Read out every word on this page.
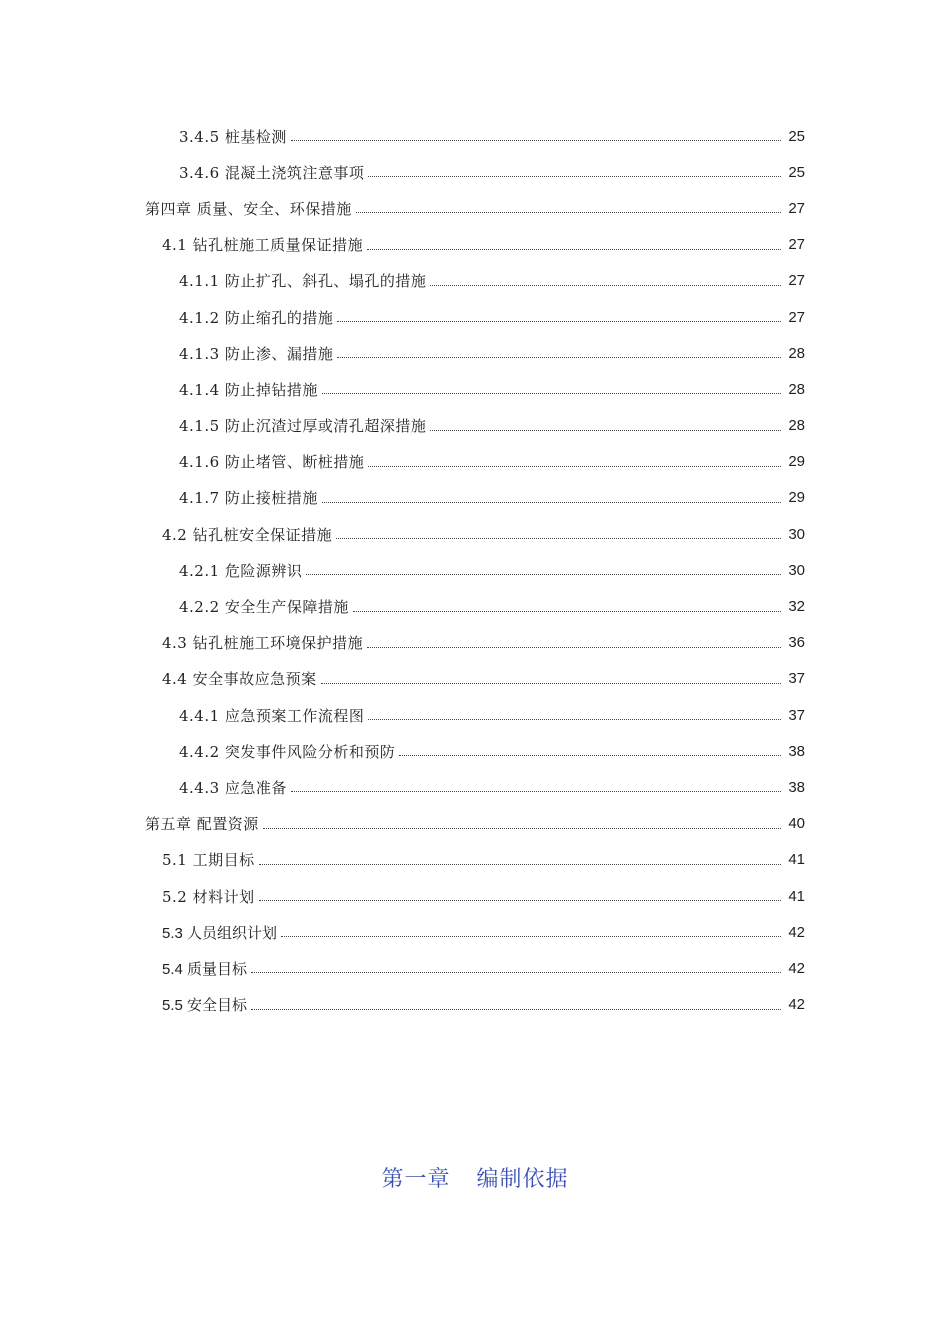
3.4.5 桩基检测	25
3.4.6 混凝土浇筑注意事项	25
第四章 质量、安全、环保措施	27
4.1 钻孔桩施工质量保证措施	27
4.1.1 防止扩孔、斜孔、塌孔的措施	27
4.1.2 防止缩孔的措施	27
4.1.3 防止渗、漏措施	28
4.1.4 防止掉钻措施	28
4.1.5 防止沉渣过厚或清孔超深措施	28
4.1.6 防止堵管、断桩措施	29
4.1.7 防止接桩措施	29
4.2 钻孔桩安全保证措施	30
4.2.1 危险源辨识	30
4.2.2 安全生产保障措施	32
4.3 钻孔桩施工环境保护措施	36
4.4 安全事故应急预案	37
4.4.1 应急预案工作流程图	37
4.4.2 突发事件风险分析和预防	38
4.4.3 应急准备	38
第五章 配置资源	40
5.1 工期目标	41
5.2 材料计划	41
5.3 人员组织计划	42
5.4 质量目标	42
5.5 安全目标	42
第一章 编制依据
